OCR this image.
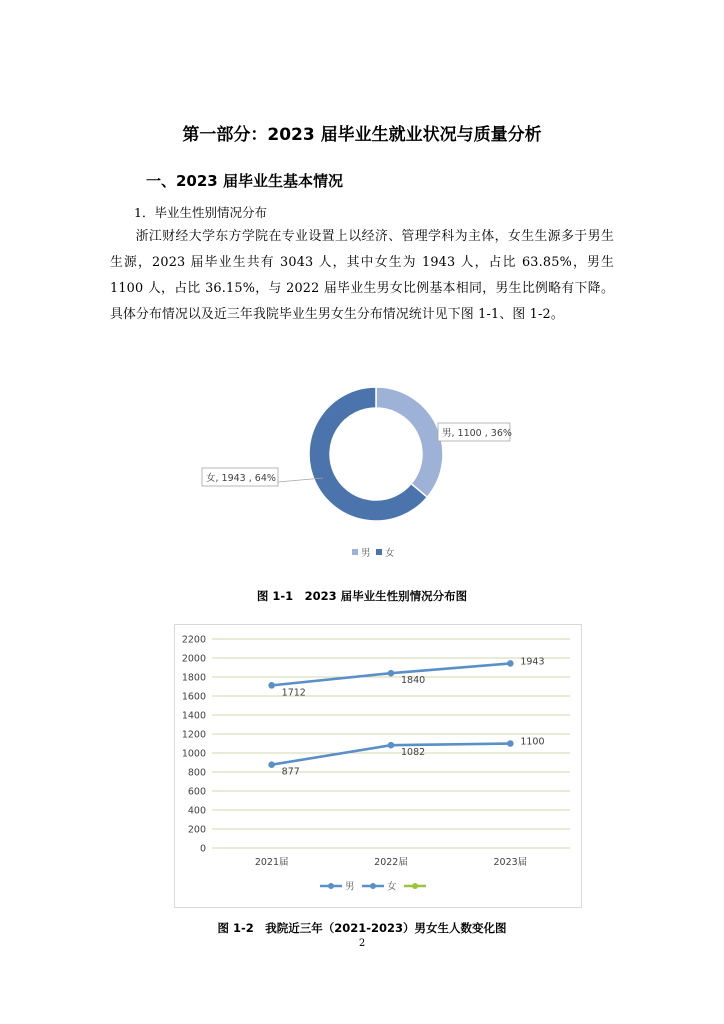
第一部分：2023 届毕业生就业状况与质量分析
一、2023 届毕业生基本情况
1．毕业生性别情况分布
浙江财经大学东方学院在专业设置上以经济、管理学科为主体，女生生源多于男生生源，2023 届毕业生共有 3043 人，其中女生为 1943 人，占比 63.85%，男生 1100 人，占比 36.15%，与 2022 届毕业生男女比例基本相同，男生比例略有下降。具体分布情况以及近三年我院毕业生男女生分布情况统计见下图 1-1、图 1-2。
男, 1100 , 36%
女, 1943 , 64%
男 女
图 1-1　2023 届毕业生性别情况分布图
0
200
400
600
800
1000
1200
1400
1600
1800
2000
2200
2021届	2022届	2023届
877
1082
1100
1712
1840
1943
男	女
图 1-2　我院近三年（2021-2023）男女生人数变化图
2
